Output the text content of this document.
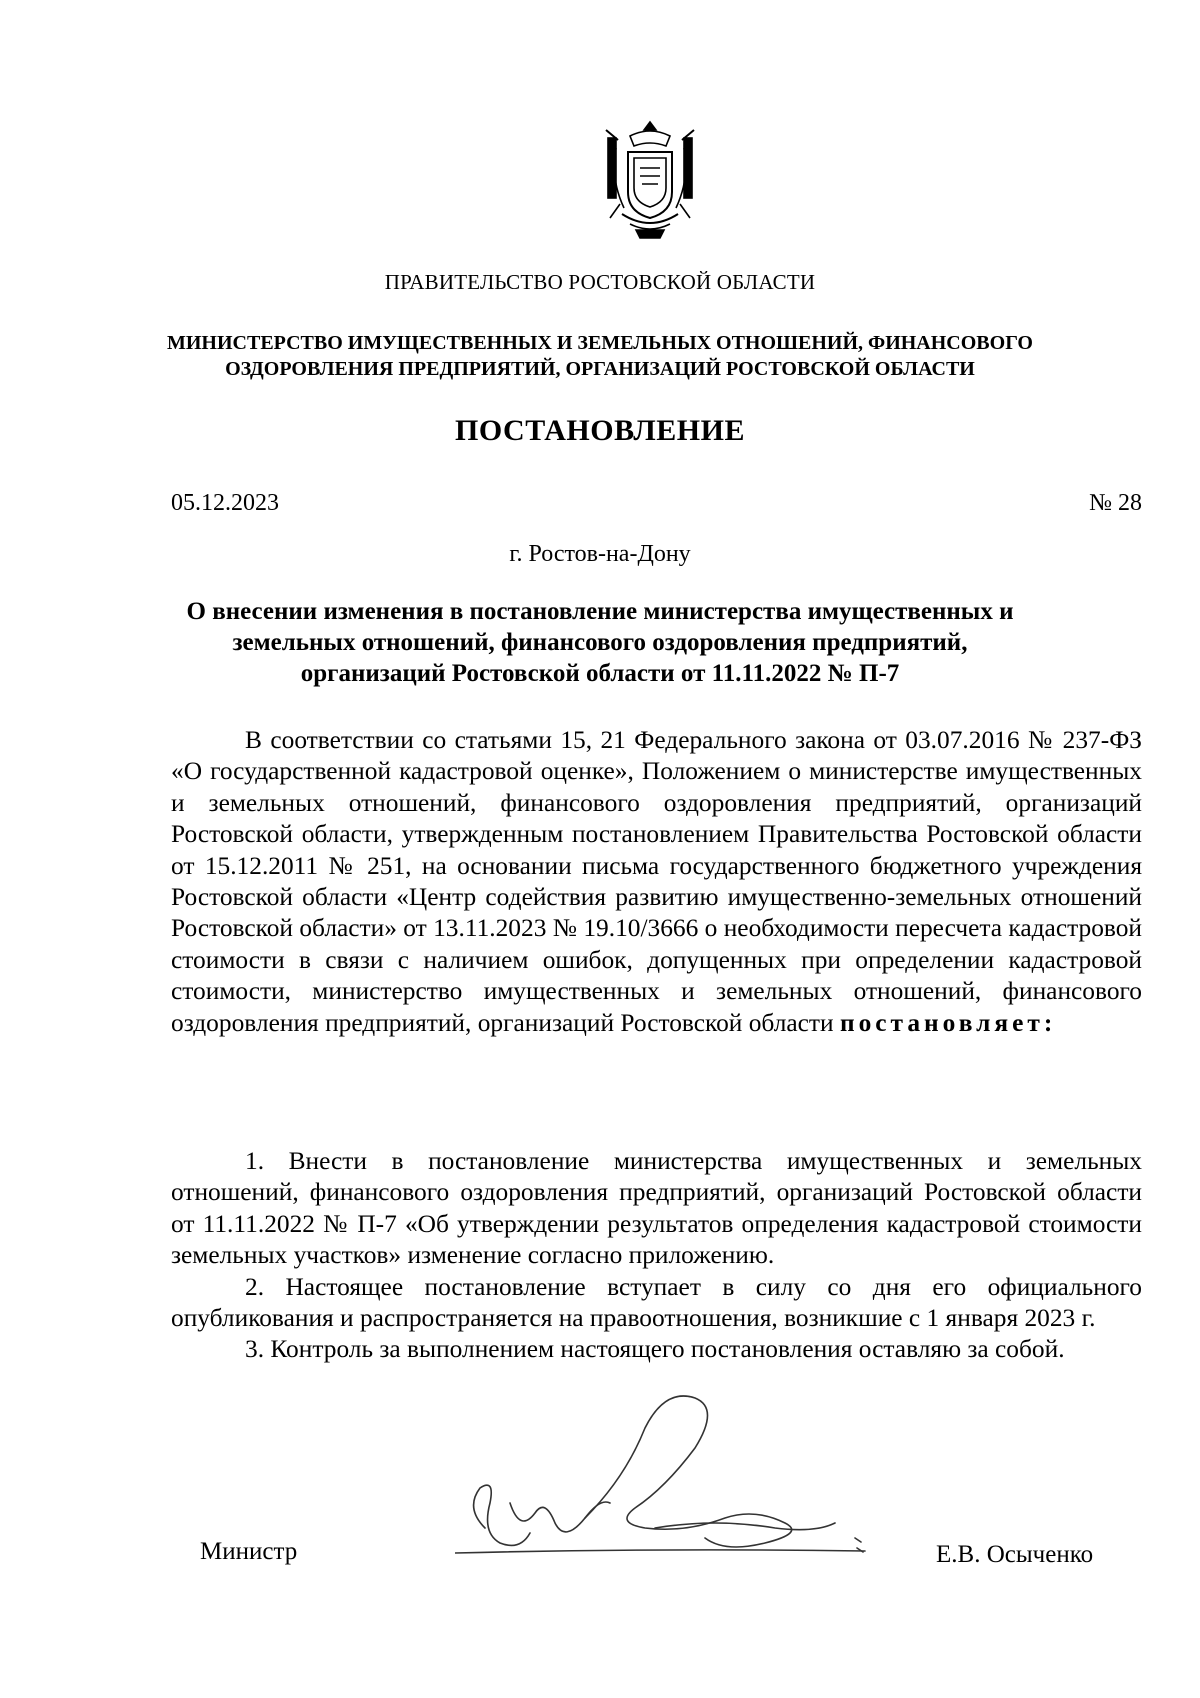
ПРАВИТЕЛЬСТВО РОСТОВСКОЙ ОБЛАСТИ
МИНИСТЕРСТВО ИМУЩЕСТВЕННЫХ И ЗЕМЕЛЬНЫХ ОТНОШЕНИЙ, ФИНАНСОВОГО
ОЗДОРОВЛЕНИЯ ПРЕДПРИЯТИЙ, ОРГАНИЗАЦИЙ РОСТОВСКОЙ ОБЛАСТИ
ПОСТАНОВЛЕНИЕ
05.12.2023	№ 28
г. Ростов-на-Дону
О внесении изменения в постановление министерства имущественных и
земельных отношений, финансового оздоровления предприятий,
организаций Ростовской области от 11.11.2022 № П-7
В соответствии со статьями 15, 21 Федерального закона от 03.07.2016 № 237-ФЗ «О государственной кадастровой оценке», Положением о министерстве имущественных и земельных отношений, финансового оздоровления предприятий, организаций Ростовской области, утвержденным постановлением Правительства Ростовской области от 15.12.2011 № 251, на основании письма государственного бюджетного учреждения Ростовской области «Центр содействия развитию имущественно-земельных отношений Ростовской области» от 13.11.2023 № 19.10/3666 о необходимости пересчета кадастровой стоимости в связи с наличием ошибок, допущенных при определении кадастровой стоимости, министерство имущественных и земельных отношений, финансового оздоровления предприятий, организаций Ростовской области постановляет:

1. Внести в постановление министерства имущественных и земельных отношений, финансового оздоровления предприятий, организаций Ростовской области от 11.11.2022 № П-7 «Об утверждении результатов определения кадастровой стоимости земельных участков» изменение согласно приложению.

2. Настоящее постановление вступает в силу со дня его официального опубликования и распространяется на правоотношения, возникшие с 1 января 2023 г.

3. Контроль за выполнением настоящего постановления оставляю за собой.

Министр	Е.В. Осыченко
